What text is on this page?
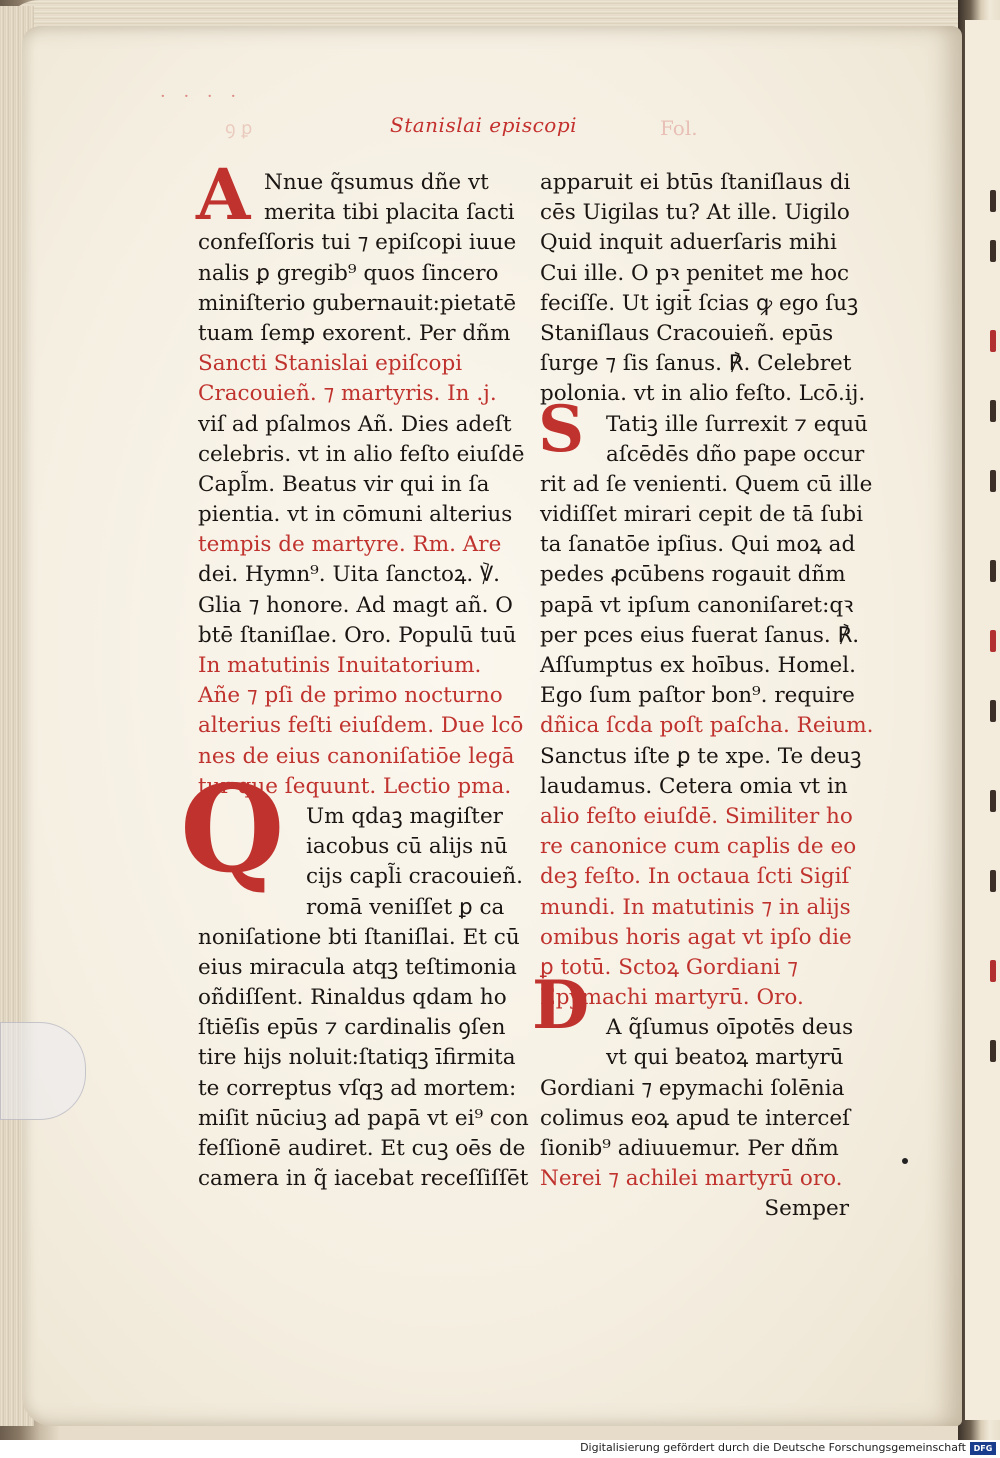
· · · ·
ꝯ ꝑ	Stanislai episcopi	Fol.
A
Q
S
D
Nnue q̃sumus dñe vt
merita tibi placita ſacti
confeſſoris tui ⁊ epiſcopi iuue
nalis ꝑ gregib⁹ quos ſincero
miniſterio gubernauit:pietatē
tuam ſemꝑ exorent. Per dñm
Sancti Stanislai epiſcopi
Cracouieñ. ⁊ martyris. In .j.
viſ ad pſalmos Añ. Dies adeſt
celebris. vt in alio feſto eiuſdē
Capl̃m. Beatus vir qui in ſa
pientia. vt in cōmuni alterius
tempis de martyre. Rm. Are
dei. Hymn⁹. Uita ſanctoꝝ. ℣.
Glia ⁊ honore. Ad magt añ. O
btē ſtaniſlae. Oro. Populū tuū
In matutinis Inuitatorium.
Añe ⁊ pſi de primo nocturno
alterius feſti eiuſdem. Due lcō
nes de eius canoniſatiōe legā
tur que ſequunt. Lectio pma.
Um qdaꝫ magiſter
iacobus cū alijs nū
cijs capl̃i cracouieñ.
romā veniſſet ꝑ ca
noniſatione bti ſtaniſlai. Et cū
eius miracula atqꝫ teſtimonia
oñdiſſent. Rinaldus qdam ho
ſtiēſis epūs ⁊ cardinalis ꝯſen
tire hijs noluit:ſtatiqꝫ īfirmita
te correptus vſqꝫ ad mortem:
miſit nūciuꝫ ad papā vt ei⁹ con
feſſionē audiret. Et cuꝫ oēs de
camera in q̃ iacebat receſſiſſēt
apparuit ei btūs ſtaniſlaus di
cēs Uigilas tu? At ille. Uigilo
Quid inquit aduerſaris mihi
Cui ille. O pꝛ penitet me hoc
feciſſe. Ut igit̄ ſcias ꝙ ego ſuꝫ
Staniſlaus Cracouieñ. epūs
ſurge ⁊ ſis ſanus. ℟. Celebret
polonia. vt in alio feſto. Lcō.ij.
Tatiꝫ ille ſurrexit ⁊ equū
aſcēdēs dño pape occur
rit ad ſe venienti. Quem cū ille
vidiſſet mirari cepit de tā ſubi
ta ſanatōe ipſius. Qui moꝝ ad
pedes ꝓcūbens rogauit dñm
papā vt ipſum canoniſaret:qꝛ
per pces eius fuerat ſanus. ℟.
Aſſumptus ex hoībus. Homel.
Ego ſum paſtor bon⁹. require
dñica ſcda poſt paſcha. Reium.
Sanctus iſte ꝑ te xpe. Te deuꝫ
laudamus. Cetera omia vt in
alio feſto eiuſdē. Similiter ho
re canonice cum caplis de eo
deꝫ feſto. In octaua ſcti Sigiſ
mundi. In matutinis ⁊ in alijs
omibus horis agat vt ipſo die
ꝑ totū. Sctoꝝ Gordiani ⁊
Epymachi martyrū. Oro.
A q̃ſumus oīpotēs deus
vt qui beatoꝝ martyrū
Gordiani ⁊ epymachi ſolēnia
colimus eoꝝ apud te interceſ
ſionib⁹ adiuuemur. Per dñm
Nerei ⁊ achilei martyrū oro.
Semper
Digitalisierung gefördert durch die Deutsche Forschungsgemeinschaft DFG
